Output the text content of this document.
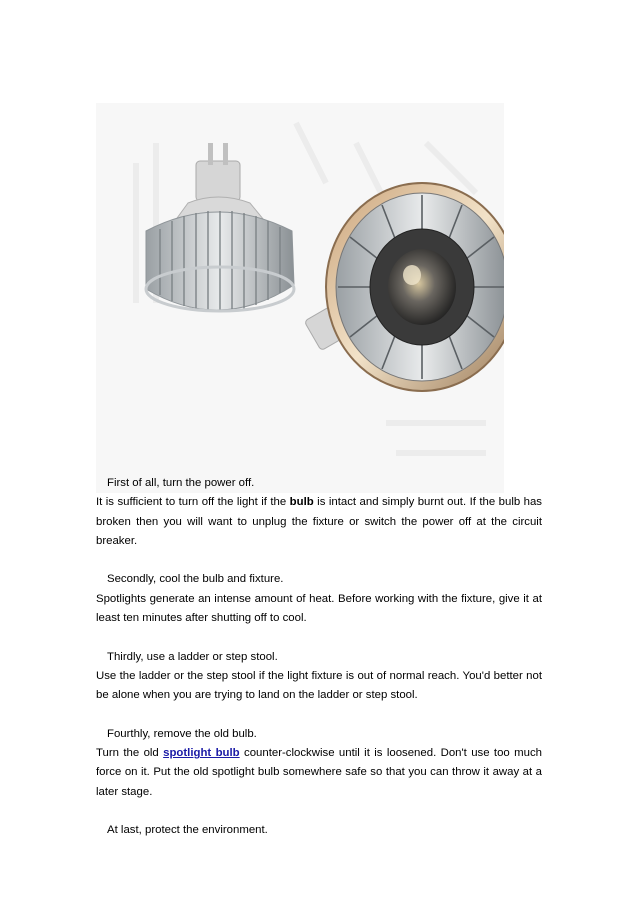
First of all, turn the power off.
It is sufficient to turn off the light if the bulb is intact and simply burnt out. If the bulb has
broken then you will want to unplug the fixture or switch the power off at the circuit
breaker.
Secondly, cool the bulb and fixture.
Spotlights generate an intense amount of heat. Before working with the fixture, give it at
least ten minutes after shutting off to cool.
Thirdly, use a ladder or step stool.
Use the ladder or the step stool if the light fixture is out of normal reach. You'd better not
be alone when you are trying to land on the ladder or step stool.
Fourthly, remove the old bulb.
Turn the old spotlight bulb counter-clockwise until it is loosened. Don't use too much
force on it. Put the old spotlight bulb somewhere safe so that you can throw it away at a
later stage.
At last, protect the environment.
